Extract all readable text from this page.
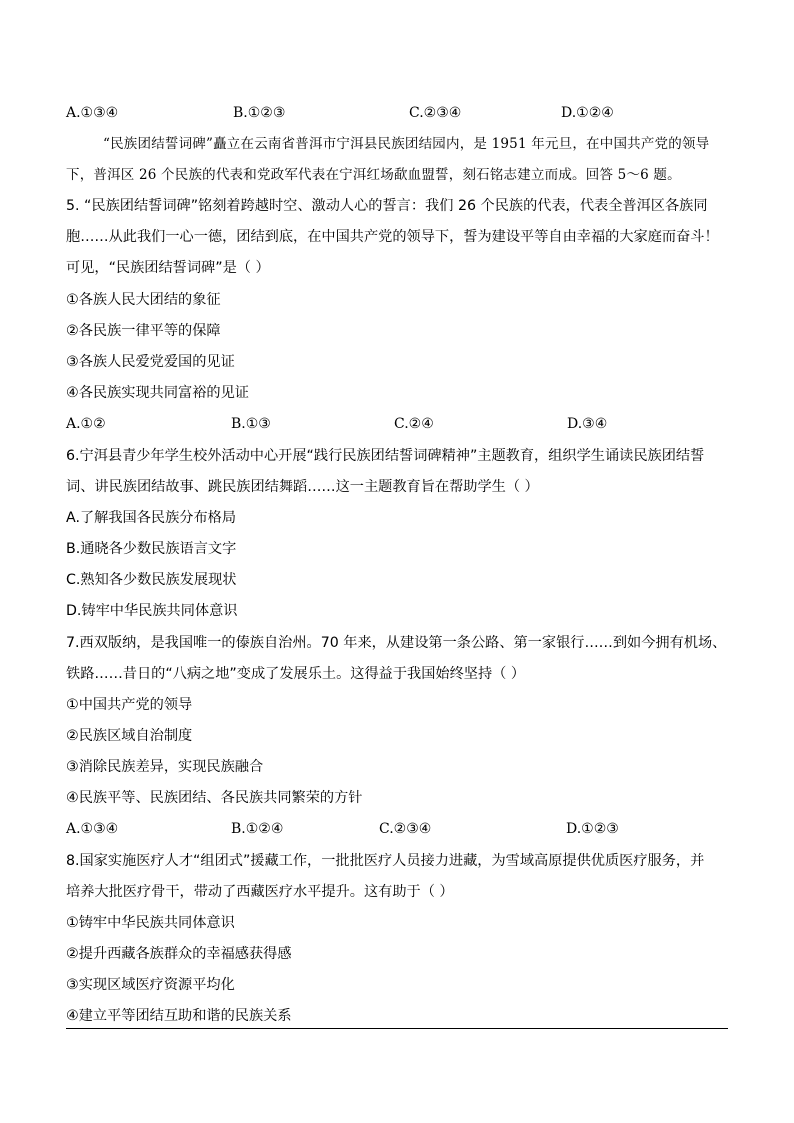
A.①③④	B.①②③	C.②③④	D.①②④
“民族团结誓词碑”矗立在云南省普洱市宁洱县民族团结园内，是 1951 年元旦，在中国共产党的领导
下，普洱区 26 个民族的代表和党政军代表在宁洱红场歃血盟誓，刻石铭志建立而成。回答 5～6 题。
5. “民族团结誓词碑”铭刻着跨越时空、激动人心的誓言：我们 26 个民族的代表，代表全普洱区各族同
胞……从此我们一心一德，团结到底，在中国共产党的领导下，誓为建设平等自由幸福的大家庭而奋斗！
可见，“民族团结誓词碑”是（ ）
①各族人民大团结的象征
②各民族一律平等的保障
③各族人民爱党爱国的见证
④各民族实现共同富裕的见证
A.①②	B.①③	C.②④	D.③④
6.宁洱县青少年学生校外活动中心开展“践行民族团结誓词碑精神”主题教育，组织学生诵读民族团结誓
词、讲民族团结故事、跳民族团结舞蹈……这一主题教育旨在帮助学生（ ）
A.了解我国各民族分布格局
B.通晓各少数民族语言文字
C.熟知各少数民族发展现状
D.铸牢中华民族共同体意识
7.西双版纳，是我国唯一的傣族自治州。70 年来，从建设第一条公路、第一家银行……到如今拥有机场、
铁路……昔日的“八病之地”变成了发展乐土。这得益于我国始终坚持（ ）
①中国共产党的领导
②民族区域自治制度
③消除民族差异，实现民族融合
④民族平等、民族团结、各民族共同繁荣的方针
A.①③④	B.①②④	C.②③④	D.①②③
8.国家实施医疗人才“组团式”援藏工作，一批批医疗人员接力进藏，为雪域高原提供优质医疗服务，并
培养大批医疗骨干，带动了西藏医疗水平提升。这有助于（ ）
①铸牢中华民族共同体意识
②提升西藏各族群众的幸福感获得感
③实现区域医疗资源平均化
④建立平等团结互助和谐的民族关系
